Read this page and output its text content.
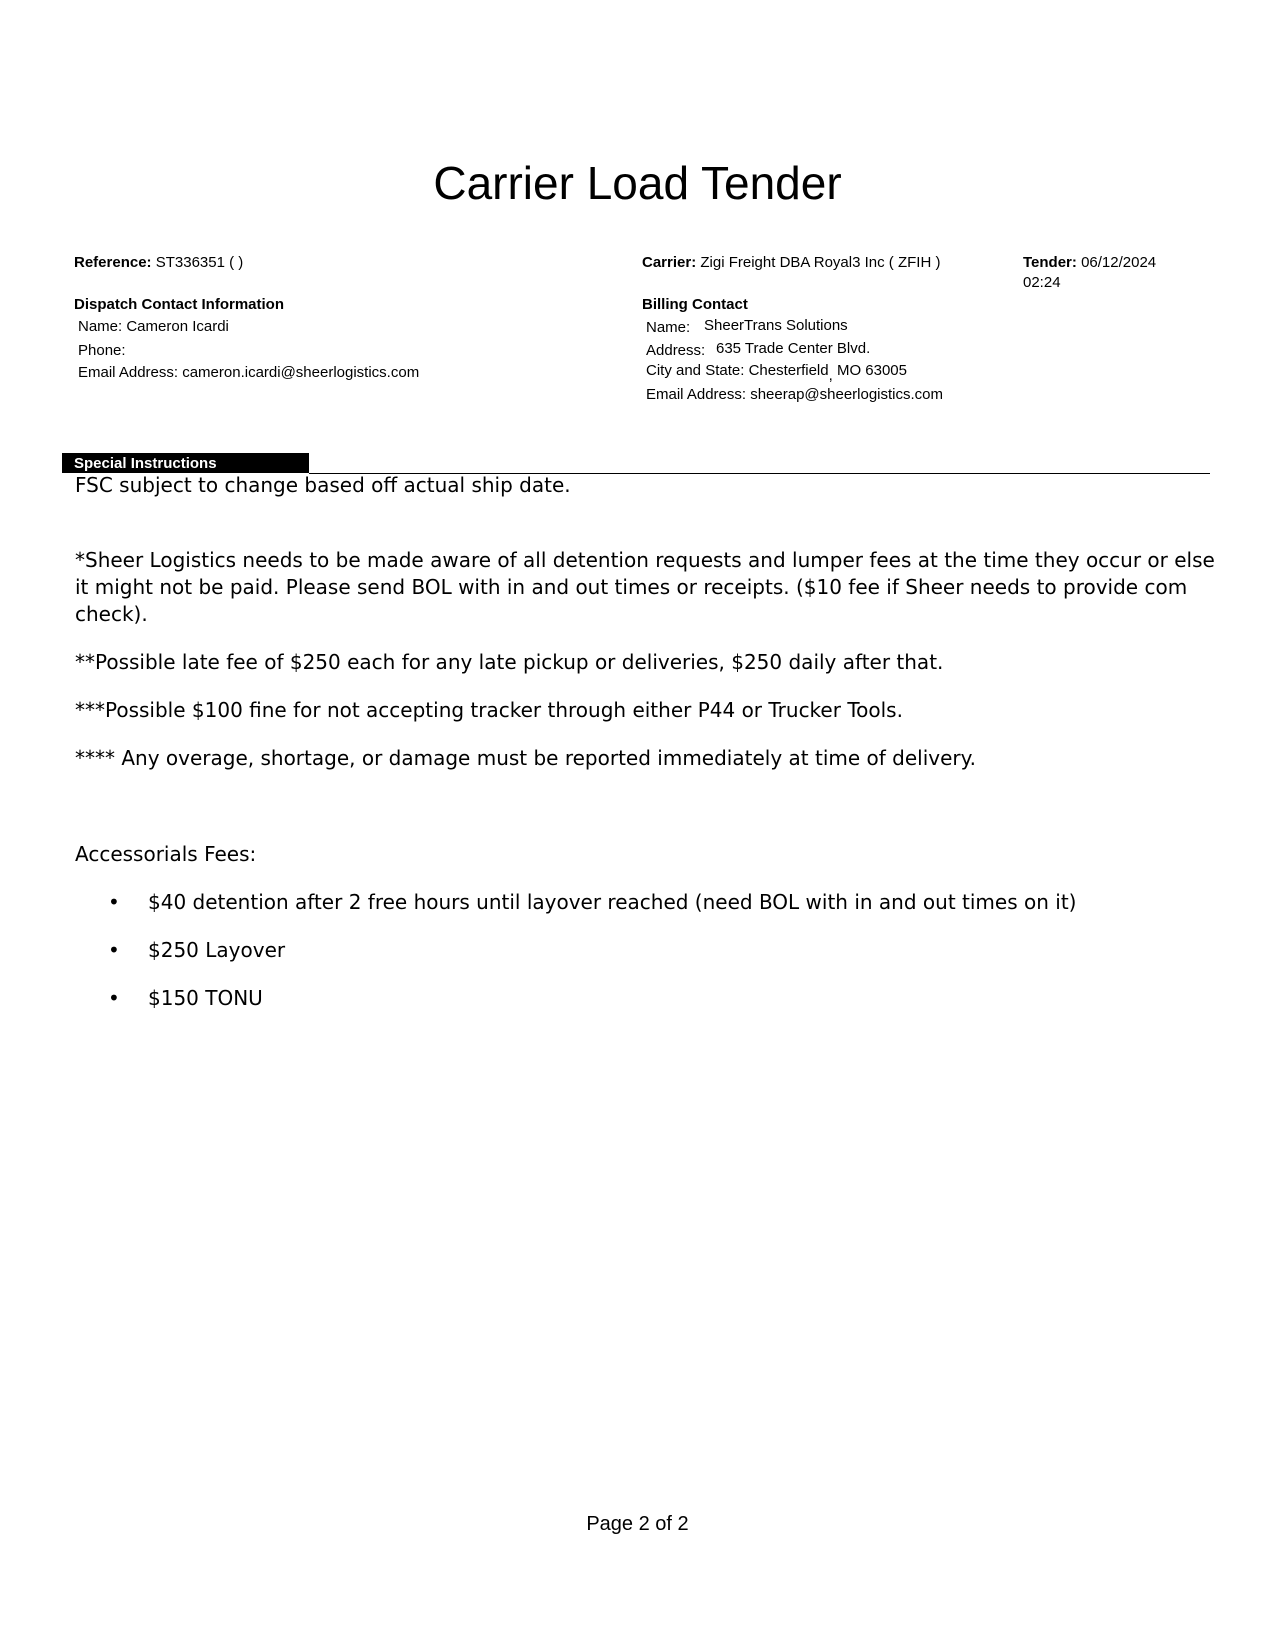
Carrier Load Tender
Reference: ST336351 ( )	Carrier: Zigi Freight DBA Royal3 Inc ( ZFIH )	Tender: 06/12/2024
02:24
Dispatch Contact Information
Name: Cameron Icardi
Phone:
Email Address: cameron.icardi@sheerlogistics.com
Billing Contact
Name: SheerTrans Solutions
Address: 635 Trade Center Blvd.
City and State: Chesterfield, MO 63005
Email Address: sheerap@sheerlogistics.com
Special Instructions
FSC subject to change based off actual ship date.
*Sheer Logistics needs to be made aware of all detention requests and lumper fees at the time they occur or else it might not be paid. Please send BOL with in and out times or receipts. ($10 fee if Sheer needs to provide com check).
**Possible late fee of $250 each for any late pickup or deliveries, $250 daily after that.
***Possible $100 fine for not accepting tracker through either P44 or Trucker Tools.
**** Any overage, shortage, or damage must be reported immediately at time of delivery.
Accessorials Fees:
• $40 detention after 2 free hours until layover reached (need BOL with in and out times on it)
• $250 Layover
• $150 TONU
Page 2 of 2
